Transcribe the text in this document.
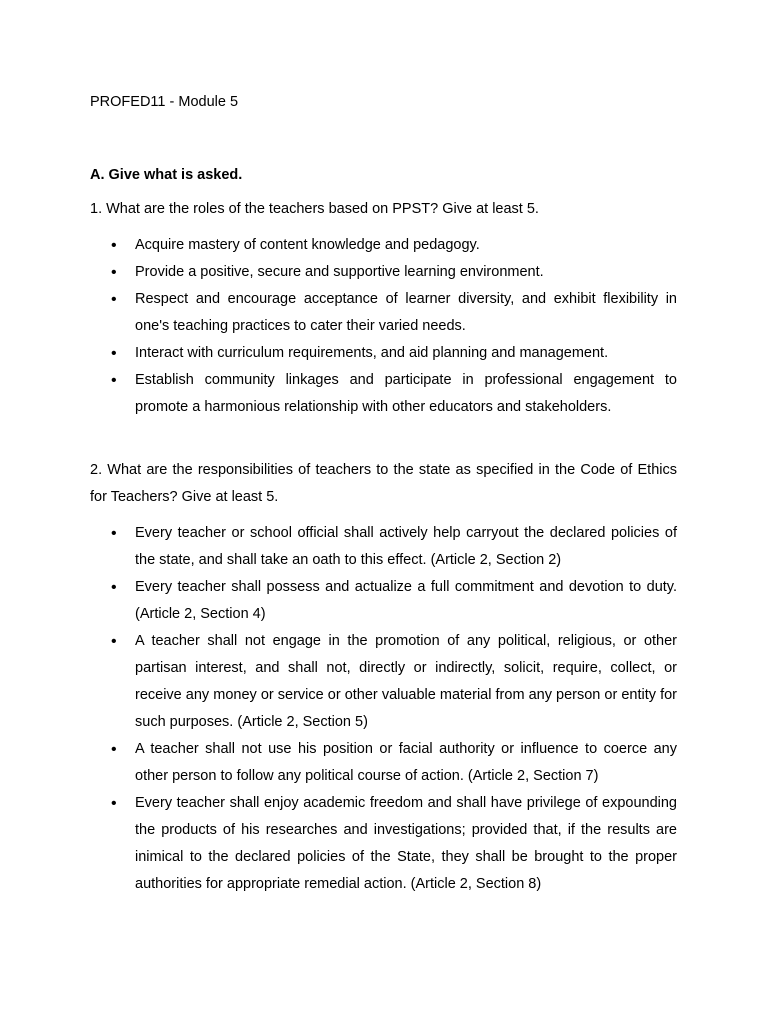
PROFED11 - Module 5

A. Give what is asked.

1. What are the roles of the teachers based on PPST? Give at least 5.

• Acquire mastery of content knowledge and pedagogy.
• Provide a positive, secure and supportive learning environment.
• Respect and encourage acceptance of learner diversity, and exhibit flexibility in one's teaching practices to cater their varied needs.
• Interact with curriculum requirements, and aid planning and management.
• Establish community linkages and participate in professional engagement to promote a harmonious relationship with other educators and stakeholders.

2. What are the responsibilities of teachers to the state as specified in the Code of Ethics for Teachers? Give at least 5.

• Every teacher or school official shall actively help carryout the declared policies of the state, and shall take an oath to this effect. (Article 2, Section 2)
• Every teacher shall possess and actualize a full commitment and devotion to duty. (Article 2, Section 4)
• A teacher shall not engage in the promotion of any political, religious, or other partisan interest, and shall not, directly or indirectly, solicit, require, collect, or receive any money or service or other valuable material from any person or entity for such purposes. (Article 2, Section 5)
• A teacher shall not use his position or facial authority or influence to coerce any other person to follow any political course of action. (Article 2, Section 7)
• Every teacher shall enjoy academic freedom and shall have privilege of expounding the products of his researches and investigations; provided that, if the results are inimical to the declared policies of the State, they shall be brought to the proper authorities for appropriate remedial action. (Article 2, Section 8)
